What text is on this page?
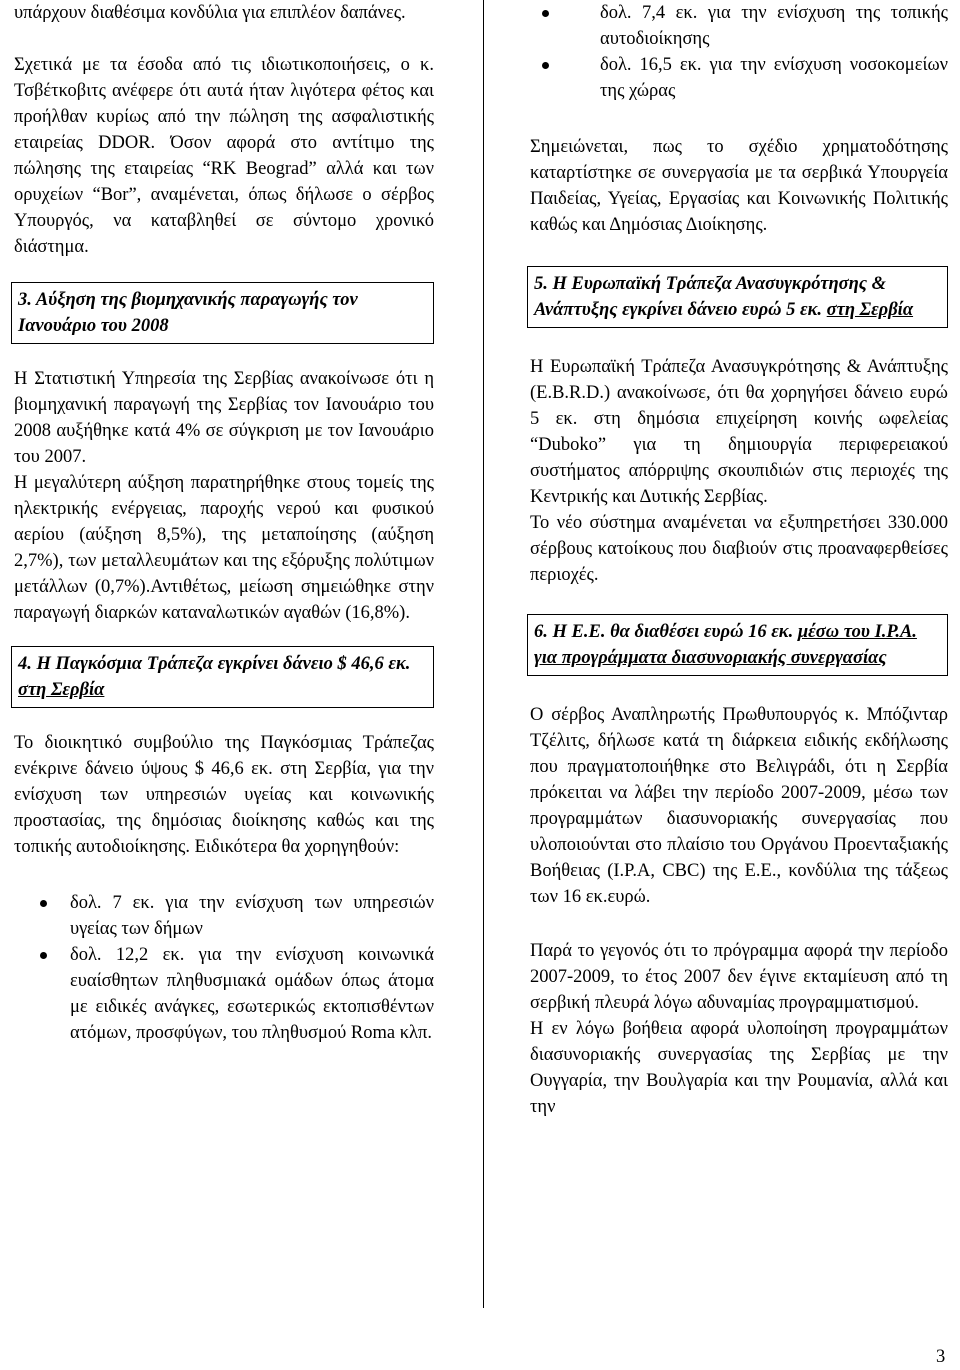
υπάρχουν διαθέσιμα κονδύλια για επιπλέον δαπάνες.

Σχετικά με τα έσοδα από τις ιδιωτικοποιήσεις, ο κ. Τσβέτκοβιτς ανέφερε ότι αυτά ήταν λιγότερα φέτος και προήλθαν κυρίως από την πώληση της ασφαλιστικής εταιρείας DDOR. Όσον αφορά στο αντίτιμο της πώλησης της εταιρείας “RK Beograd” αλλά και των ορυχείων “Bor”, αναμένεται, όπως δήλωσε ο σέρβος Υπουργός, να καταβληθεί σε σύντομο χρονικό διάστημα.

3. Αύξηση της βιομηχανικής παραγωγής τον Ιανουάριο του 2008

Η Στατιστική Υπηρεσία της Σερβίας ανακοίνωσε ότι η βιομηχανική παραγωγή της Σερβίας τον Ιανουάριο του 2008 αυξήθηκε κατά 4% σε σύγκριση με τον Ιανουάριο του 2007.

Η μεγαλύτερη αύξηση παρατηρήθηκε στους τομείς της ηλεκτρικής ενέργειας, παροχής νερού και φυσικού αερίου (αύξηση 8,5%), της μεταποίησης (αύξηση 2,7%), των μεταλλευμάτων και της εξόρυξης πολύτιμων μετάλλων (0,7%).Αντιθέτως, μείωση σημειώθηκε στην παραγωγή διαρκών καταναλωτικών αγαθών (16,8%).

4. Η Παγκόσμια Τράπεζα εγκρίνει δάνειο $ 46,6 εκ. στη Σερβία

Το διοικητικό συμβούλιο της Παγκόσμιας Τράπεζας ενέκρινε δάνειο ύψους $ 46,6 εκ. στη Σερβία, για την ενίσχυση των υπηρεσιών υγείας και κοινωνικής προστασίας, της δημόσιας διοίκησης καθώς και της τοπικής αυτοδιοίκησης. Ειδικότερα θα χορηγηθούν:

δολ. 7 εκ. για την ενίσχυση των υπηρεσιών υγείας των δήμων
δολ. 12,2 εκ. για την ενίσχυση κοινωνικά ευαίσθητων πληθυσμιακά ομάδων όπως άτομα με ειδικές ανάγκες, εσωτερικώς εκτοπισθέντων ατόμων, προσφύγων, του πληθυσμού Roma κλπ.
δολ. 7,4 εκ. για την ενίσχυση της τοπικής αυτοδιοίκησης
δολ. 16,5 εκ. για την ενίσχυση νοσοκομείων της χώρας

Σημειώνεται, πως το σχέδιο χρηματοδότησης καταρτίστηκε σε συνεργασία με τα σερβικά Υπουργεία Παιδείας, Υγείας, Εργασίας και Κοινωνικής Πολιτικής καθώς και Δημόσιας Διοίκησης.

5. Η Ευρωπαϊκή Τράπεζα Ανασυγκρότησης & Ανάπτυξης εγκρίνει δάνειο ευρώ 5 εκ. στη Σερβία

Η Ευρωπαϊκή Τράπεζα Ανασυγκρότησης & Ανάπτυξης (E.B.R.D.) ανακοίνωσε, ότι θα χορηγήσει δάνειο ευρώ 5 εκ. στη δημόσια επιχείρηση κοινής ωφελείας “Duboko” για τη δημιουργία περιφερειακού συστήματος απόρριψης σκουπιδιών στις περιοχές της Κεντρικής και Δυτικής Σερβίας.

Το νέο σύστημα αναμένεται να εξυπηρετήσει 330.000 σέρβους κατοίκους που διαβιούν στις προαναφερθείσες περιοχές.

6. Η Ε.Ε. θα διαθέσει ευρώ 16 εκ. μέσω του Ι.Ρ.Α. για προγράμματα διασυνοριακής συνεργασίας

Ο σέρβος Αναπληρωτής Πρωθυπουργός κ. Μπόζινταρ Τζέλιτς, δήλωσε κατά τη διάρκεια ειδικής εκδήλωσης που πραγματοποιήθηκε στο Βελιγράδι, ότι η Σερβία πρόκειται να λάβει την περίοδο 2007-2009, μέσω των προγραμμάτων διασυνοριακής συνεργασίας που υλοποιούνται στο πλαίσιο του Οργάνου Προενταξιακής Βοήθειας (I.P.A, CBC) της Ε.Ε., κονδύλια της τάξεως των 16 εκ.ευρώ.

Παρά το γεγονός ότι το πρόγραμμα αφορά την περίοδο 2007-2009, το έτος 2007 δεν έγινε εκταμίευση από τη σερβική πλευρά λόγω αδυναμίας προγραμματισμού.

Η εν λόγω βοήθεια αφορά υλοποίηση προγραμμάτων διασυνοριακής συνεργασίας της Σερβίας με την Ουγγαρία, την Βουλγαρία και την Ρουμανία, αλλά και την

3
